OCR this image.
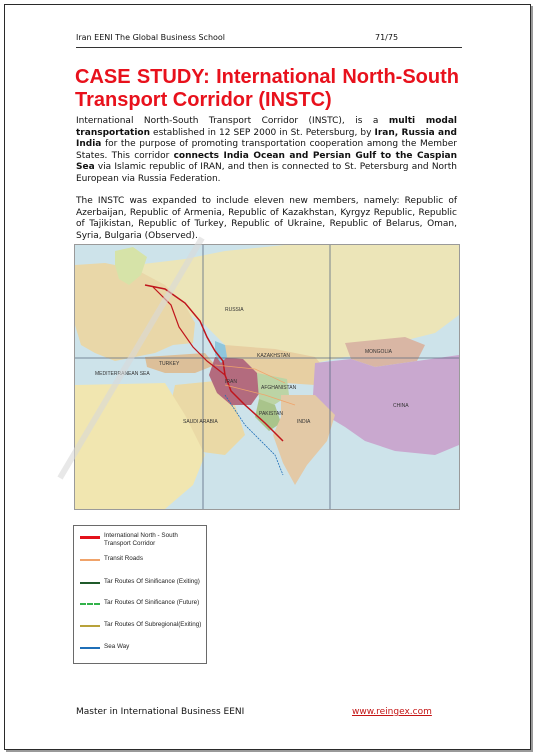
Iran EENI The Global Business School	71/75
CASE STUDY: International North-South Transport Corridor (INSTC)

International North-South Transport Corridor (INSTC), is a multi modal transportation established in 12 SEP 2000 in St. Petersburg, by Iran, Russia and India for the purpose of promoting transportation cooperation among the Member States. This corridor connects India Ocean and Persian Gulf to the Caspian Sea via Islamic republic of IRAN, and then is connected to St. Petersburg and North European via Russia Federation.

The INSTC was expanded to include eleven new members, namely: Republic of Azerbaijan, Republic of Armenia, Republic of Kazakhstan, Kyrgyz Republic, Republic of Tajikistan, Republic of Turkey, Republic of Ukraine, Republic of Belarus, Oman, Syria, Bulgaria (Observed).

RUSSIA
MONGOLIA
CHINA
KAZAKHSTAN
IRAN
AFGHANISTAN
INDIA
PAKISTAN
TURKEY
SAUDI ARABIA
MEDITERRANEAN SEA
International North - South Transport Corridor
Transit Roads
Tar Routes Of Sinificance (Exiting)
Tar Routes Of Sinificance (Future)
Tar Routes Of Subregional(Exiting)
Sea Way
Master in International Business EENI	www.reingex.com
